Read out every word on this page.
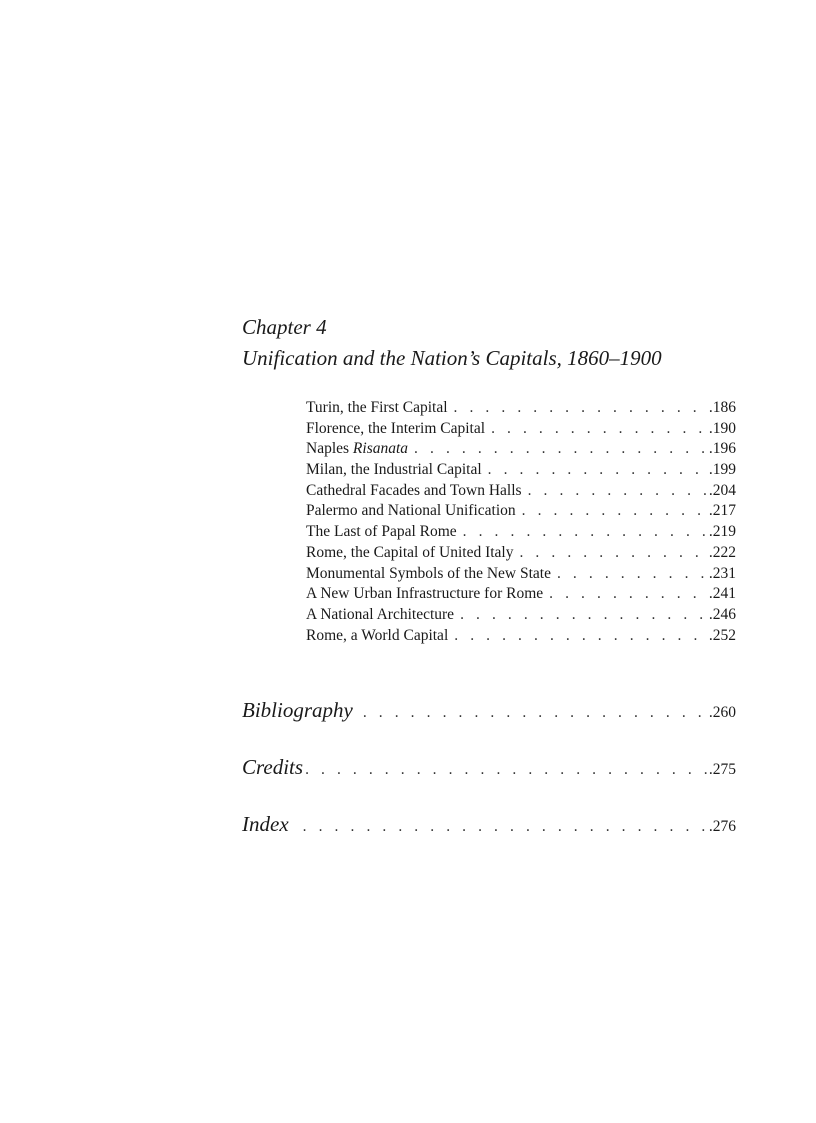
Chapter 4
Unification and the Nation’s Capitals, 1860–1900
Turin, the First Capital . . .	.186
Florence, the Interim Capital . . .	.190
Naples Risanata . . .	.196
Milan, the Industrial Capital . . .	.199
Cathedral Facades and Town Halls . . .	.204
Palermo and National Unification . . .	.217
The Last of Papal Rome . . .	.219
Rome, the Capital of United Italy . . .	.222
Monumental Symbols of the New State . . .	.231
A New Urban Infrastructure for Rome . . .	.241
A National Architecture . . .	.246
Rome, a World Capital . . .	.252
Bibliography . . .	.260
Credits . . .	.275
Index . . .	.276
